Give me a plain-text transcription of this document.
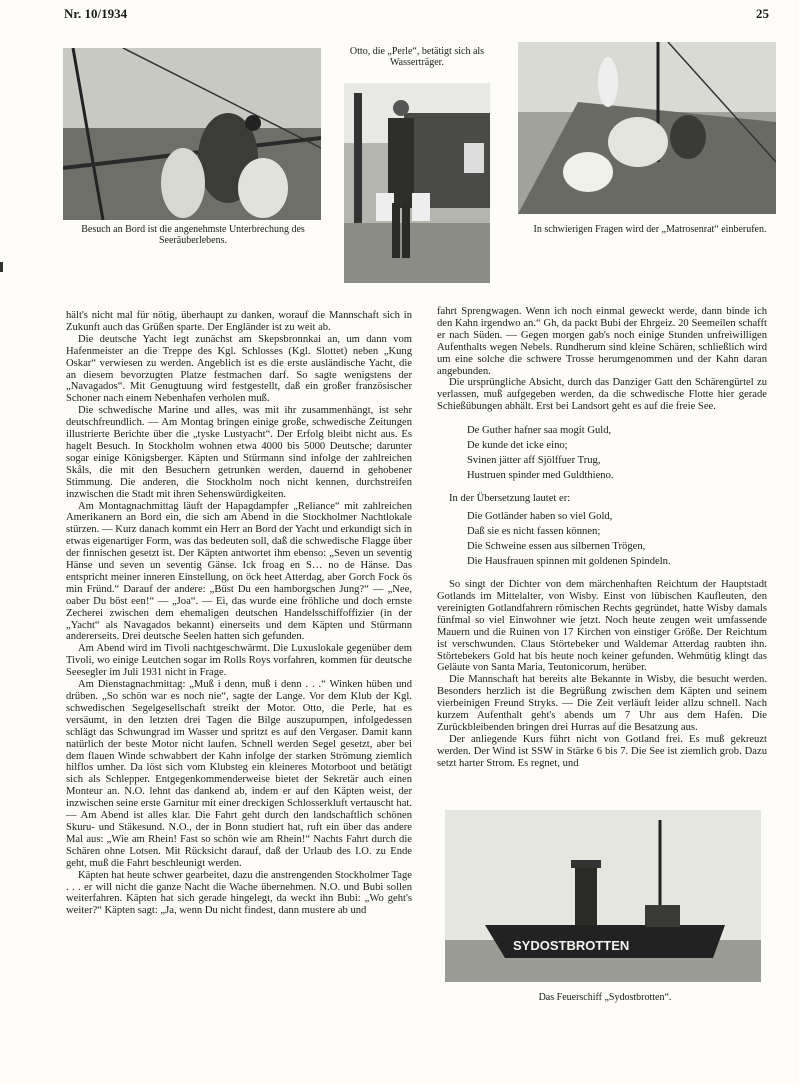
Nr. 10/1934	25
Besuch an Bord ist die angenehmste Unterbrechung des Seeräuberlebens.
Otto, die „Perle“, betätigt sich als Wasserträger.
In schwierigen Fragen wird der „Matrosenrat“ einberufen.

hält's nicht mal für nötig, überhaupt zu danken, worauf die Mannschaft sich in Zukunft auch das Grüßen sparte. Der Engländer ist zu weit ab.

Die deutsche Yacht legt zunächst am Skepsbronnkai an, um dann vom Hafenmeister an die Treppe des Kgl. Schlosses (Kgl. Slottet) neben „Kung Oskar“ verwiesen zu werden. Angeblich ist es die erste ausländische Yacht, die an diesem bevorzugten Platze festmachen darf. So sagte wenigstens der „Navagados“. Mit Genugtuung wird festgestellt, daß ein großer französischer Schoner nach einem Nebenhafen verholen muß.

Die schwedische Marine und alles, was mit ihr zusammenhängt, ist sehr deutschfreundlich. — Am Montag bringen einige große, schwedische Zeitungen illustrierte Berichte über die „tyske Lustyacht“. Der Erfolg bleibt nicht aus. Es hagelt Besuch. In Stockholm wohnen etwa 4000 bis 5000 Deutsche; darunter sogar einige Königsberger. Käpten und Stürmann sind infolge der zahlreichen Skåls, die mit den Besuchern getrunken werden, dauernd in gehobener Stimmung. Die anderen, die Stockholm noch nicht kennen, durchstreifen inzwischen die Stadt mit ihren Sehenswürdigkeiten.

Am Montagnachmittag läuft der Hapagdampfer „Reliance“ mit zahlreichen Amerikanern an Bord ein, die sich am Abend in die Stockholmer Nachtlokale stürzen. — Kurz danach kommt ein Herr an Bord der Yacht und erkundigt sich in etwas eigenartiger Form, was das bedeuten soll, daß die schwedische Flagge über der finnischen gesetzt ist. Der Käpten antwortet ihm ebenso: „Seven un seventig Hänse und seven un seventig Gänse. Ick froag en S… no de Hänse. Das entspricht meiner inneren Einstellung, on öck heet Atterdag, aber Gorch Fock ös min Fründ.“ Darauf der andere: „Büst Du een hamborgschen Jung?“ — „Nee, oaber Du böst een!“ — „Joa“. — Ei, das wurde eine fröhliche und doch ernste Zecherei zwischen dem ehemaligen deutschen Handelsschiffoffizier (in der „Yacht“ als Navagados bekannt) einerseits und dem Käpten und Stürmann andererseits. Drei deutsche Seelen hatten sich gefunden.

Am Abend wird im Tivoli nachtgeschwärmt. Die Luxuslokale gegenüber dem Tivoli, wo einige Leutchen sogar im Rolls Roys vorfahren, kommen für deutsche Seesegler im Juli 1931 nicht in Frage.

Am Dienstagnachmittag: „Muß i denn, muß i denn . . .“ Winken hüben und drüben. „So schön war es noch nie“, sagte der Lange. Vor dem Klub der Kgl. schwedischen Segelgesellschaft streikt der Motor. Otto, die Perle, hat es versäumt, in den letzten drei Tagen die Bilge auszupumpen, infolgedessen schlägt das Schwungrad im Wasser und spritzt es auf den Vergaser. Damit kann natürlich der beste Motor nicht laufen. Schnell werden Segel gesetzt, aber bei dem flauen Winde schwabbert der Kahn infolge der starken Strömung ziemlich hilflos umher. Da löst sich vom Klubsteg ein kleineres Motorboot und betätigt sich als Schlepper. Entgegenkommenderweise bietet der Sekretär auch einen Monteur an. N.O. lehnt das dankend ab, indem er auf den Käpten weist, der inzwischen seine erste Garnitur mit einer dreckigen Schlosserkluft vertauscht hat. — Am Abend ist alles klar. Die Fahrt geht durch den landschaftlich schönen Skuru- und Stäkesund. N.O., der in Bonn studiert hat, ruft ein über das andere Mal aus: „Wie am Rhein! Fast so schön wie am Rhein!“ Nachts Fahrt durch die Schären ohne Lotsen. Mit Rücksicht darauf, daß der Urlaub des I.O. zu Ende geht, muß die Fahrt beschleunigt werden.

Käpten hat heute schwer gearbeitet, dazu die anstrengenden Stockholmer Tage . . . er will nicht die ganze Nacht die Wache übernehmen. N.O. und Bubi sollen weiterfahren. Käpten hat sich gerade hingelegt, da weckt ihn Bubi: „Wo geht's weiter?“ Käpten sagt: „Ja, wenn Du nicht findest, dann mustere ab und

fahrt Sprengwagen. Wenn ich noch einmal geweckt werde, dann binde ich den Kahn irgendwo an.“ Gh, da packt Bubi der Ehrgeiz. 20 Seemeilen schafft er nach Süden. — Gegen morgen gab's noch einige Stunden unfreiwilligen Aufenthalts wegen Nebels. Rundherum sind kleine Schären, schließlich wird um eine solche die schwere Trosse herumgenommen und der Kahn daran angebunden.

Die ursprüngliche Absicht, durch das Danziger Gatt den Schärengürtel zu verlassen, muß aufgegeben werden, da die schwedische Flotte hier gerade Schießübungen abhält. Erst bei Landsort geht es auf die freie See.

De Guther hafner saa mogit Guld,
De kunde det icke eino;
Svinen jätter aff Sjölffuer Trug,
Hustruen spinder med Guldthieno.

In der Übersetzung lautet er:

Die Gotländer haben so viel Gold,
Daß sie es nicht fassen können;
Die Schweine essen aus silbernen Trögen,
Die Hausfrauen spinnen mit goldenen Spindeln.

So singt der Dichter von dem märchenhaften Reichtum der Hauptstadt Gotlands im Mittelalter, von Wisby. Einst von lübischen Kaufleuten, den vereinigten Gotlandfahrern römischen Rechts gegründet, hatte Wisby damals fünfmal so viel Einwohner wie jetzt. Noch heute zeugen weit umfassende Mauern und die Ruinen von 17 Kirchen von einstiger Größe. Der Reichtum ist verschwunden. Claus Störtebeker und Waldemar Atterdag raubten ihn. Störtebekers Gold hat bis heute noch keiner gefunden. Wehmütig klingt das Geläute von Santa Maria, Teutonicorum, herüber.

Die Mannschaft hat bereits alte Bekannte in Wisby, die besucht werden. Besonders herzlich ist die Begrüßung zwischen dem Käpten und seinem vierbeinigen Freund Stryks. — Die Zeit verläuft leider allzu schnell. Nach kurzem Aufenthalt geht's abends um 7 Uhr aus dem Hafen. Die Zurückbleibenden bringen drei Hurras auf die Besatzung aus.

Der anliegende Kurs führt nicht von Gotland frei. Es muß gekreuzt werden. Der Wind ist SSW in Stärke 6 bis 7. Die See ist ziemlich grob. Dazu setzt harter Strom. Es regnet, und

SYDOSTBROTTEN
Das Feuerschiff „Sydostbrotten“.
